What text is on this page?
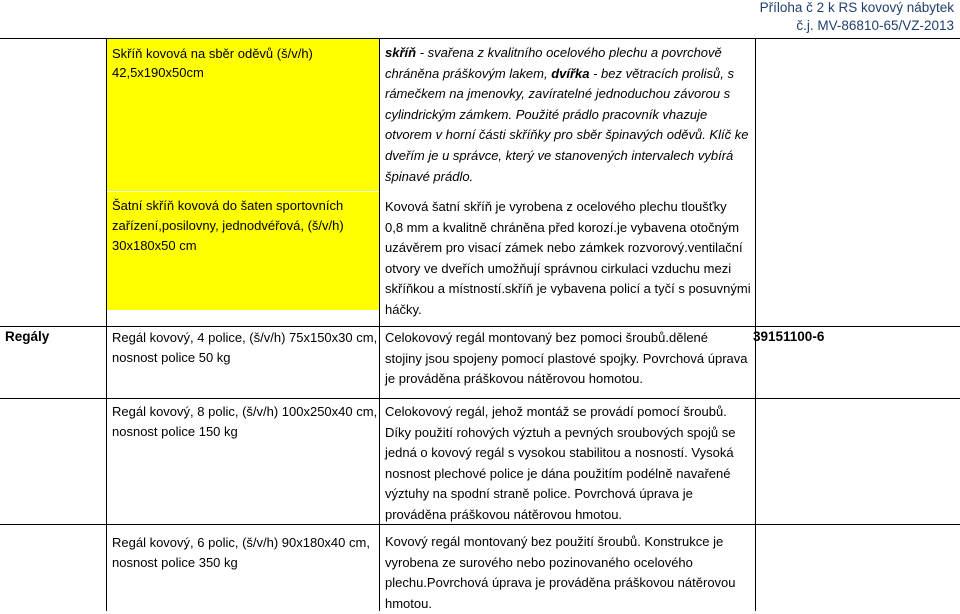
Příloha č 2 k RS kovový nábytek
č.j. MV-86810-65/VZ-2013
Skříň kovová na sběr oděvů (š/v/h)
42,5x190x50cm
skříň - svařena z kvalitního ocelového plechu a povrchově
chráněna práškovým lakem, dvířka - bez větracích prolisů, s
rámečkem na jmenovky, zavíratelné jednoduchou závorou s
cylindrickým zámkem. Použité prádlo pracovník vhazuje
otvorem v horní části skříňky pro sběr špinavých oděvů. Klíč ke
dveřím je u správce, který ve stanovených intervalech vybírá
špinavé prádlo.
Šatní skříň kovová do šaten sportovních
zařízení,posilovny, jednodvéřová, (š/v/h)
30x180x50 cm
Kovová šatní skříň je vyrobena z ocelového plechu tloušťky
0,8 mm a kvalitně chráněna před korozí.je vybavena otočným
uzávěrem pro visací zámek nebo zámkek rozvorový.ventilační
otvory ve dveřích umožňují správnou cirkulaci vzduchu mezi
skříňkou a místností.skříň je vybavena policí a tyčí s posuvnými
háčky.
Regály	Regál kovový, 4 police, (š/v/h) 75x150x30 cm,
nosnost police 50 kg
Celokovový regál montovaný bez pomoci šroubů.dělené
stojiny jsou spojeny pomocí plastové spojky. Povrchová úprava
je prováděna práškovou nátěrovou homotou.
39151100-6
Regál kovový, 8 polic, (š/v/h) 100x250x40 cm,
nosnost police 150 kg
Celokovový regál, jehož montáž se provádí pomocí šroubů.
Díky použití rohových výztuh a pevných sroubových spojů se
jedná o kovový regál s vysokou stabilitou a nosností. Vysoká
nosnost plechové police je dána použitím podélně navařené
výztuhy na spodní straně police. Povrchová úprava je
prováděna práškovou nátěrovou hmotou.
Regál kovový, 6 polic, (š/v/h) 90x180x40 cm,
nosnost police 350 kg
Kovový regál montovaný bez použití šroubů. Konstrukce je
vyrobena ze surového nebo pozinovaného ocelového
plechu.Povrchová úprava je prováděna práškovou nátěrovou
hmotou.
